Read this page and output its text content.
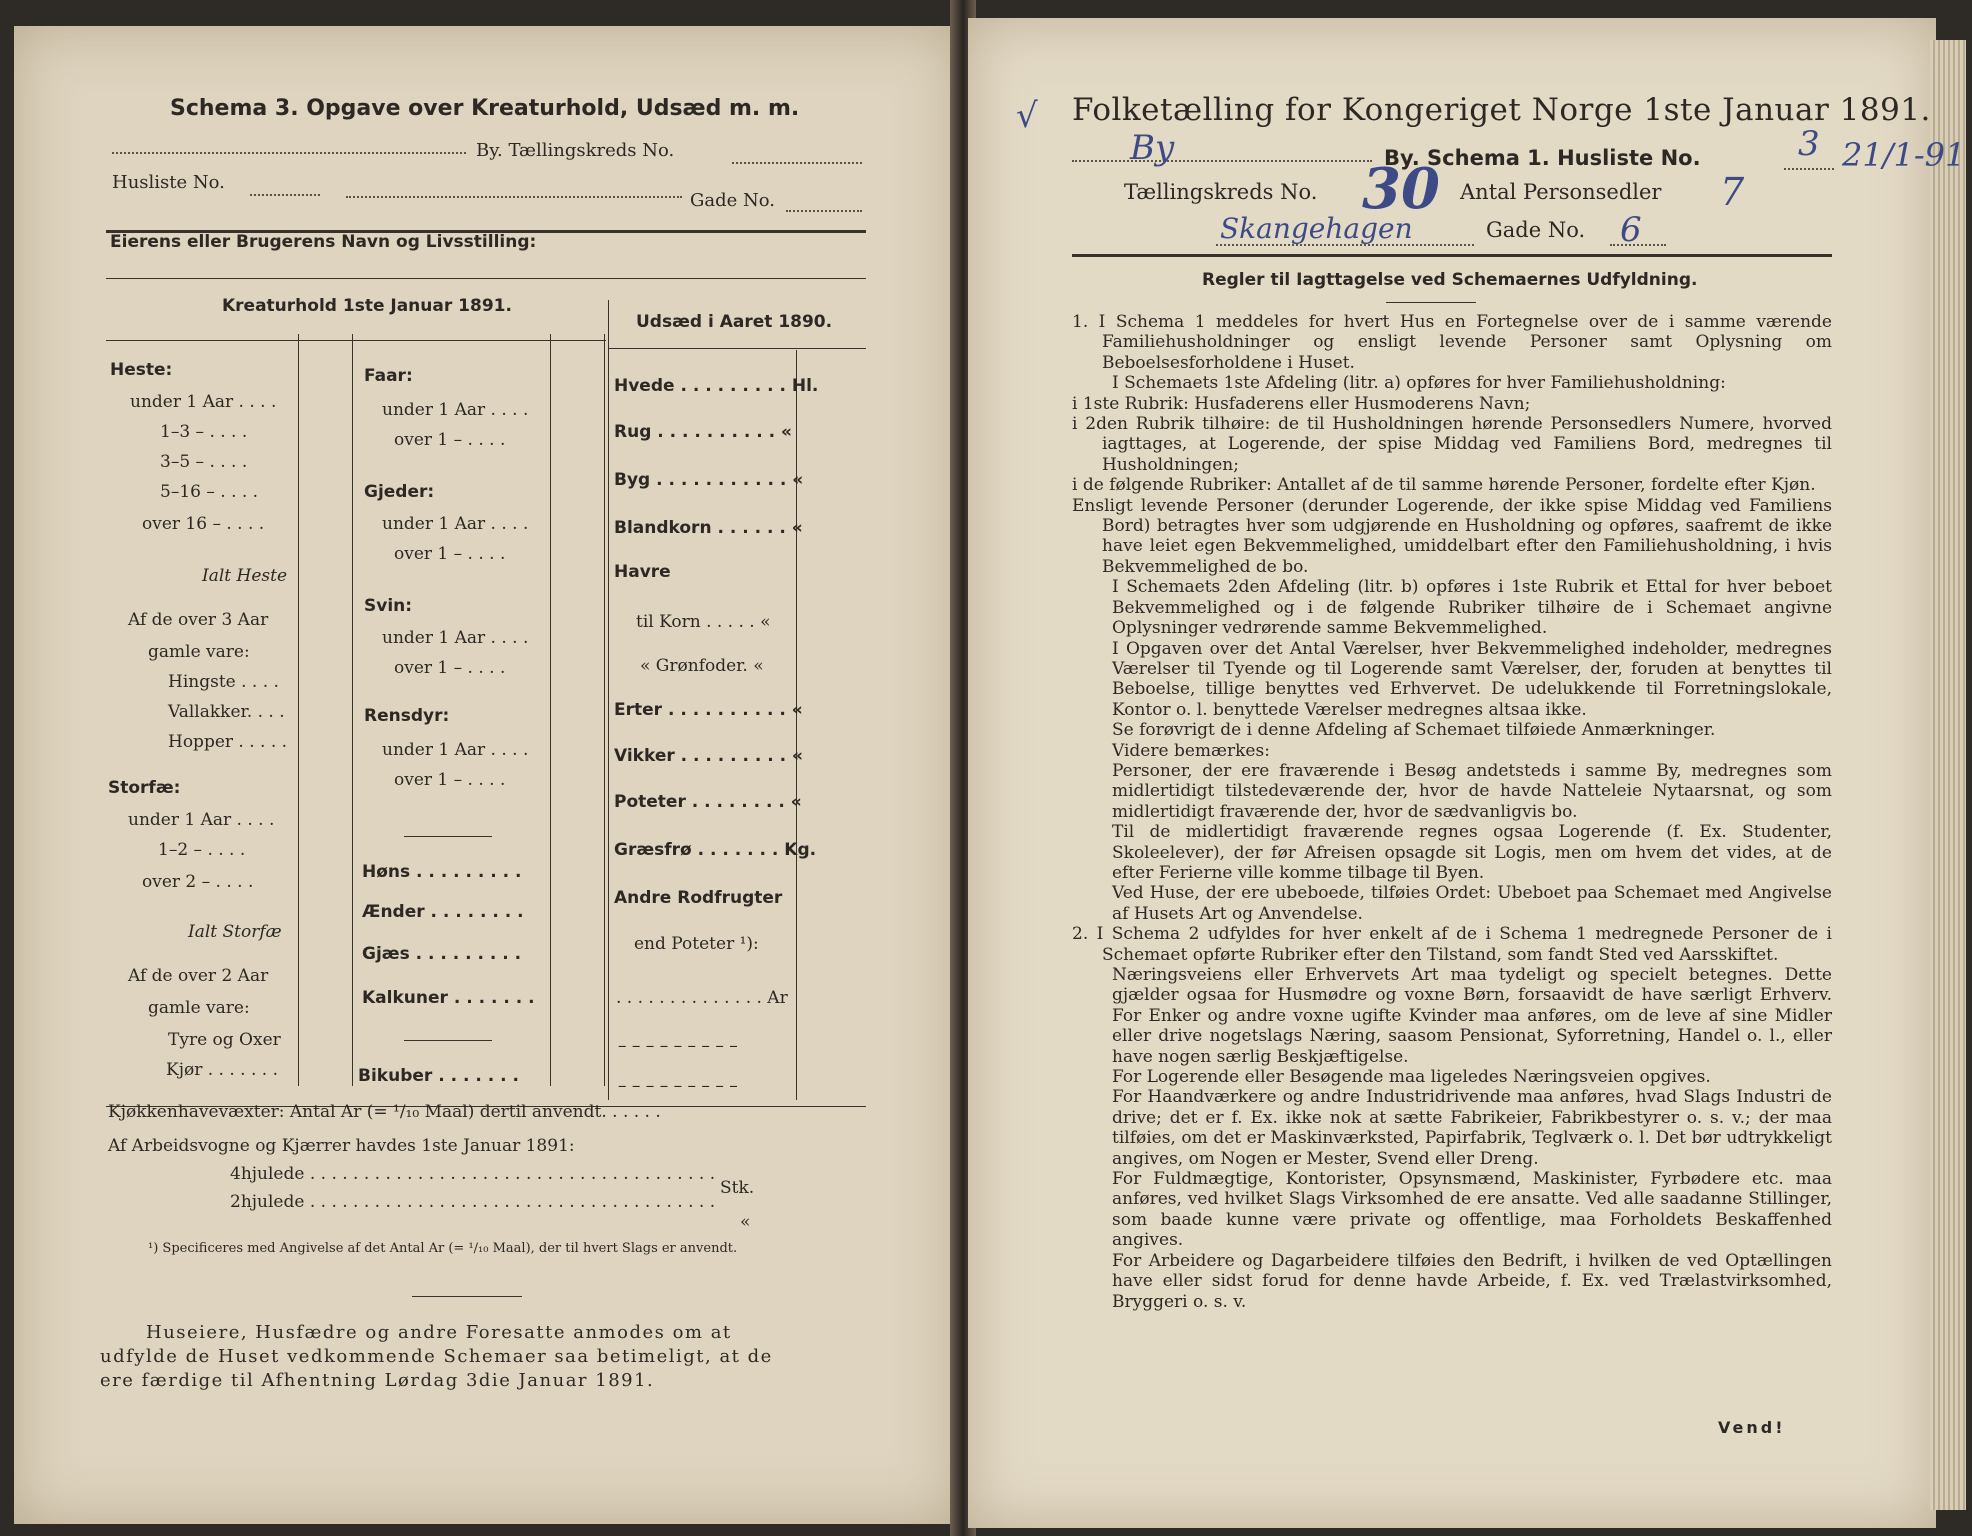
Schema 3. Opgave over Kreaturhold, Udsæd m. m.
By. Tællingskreds No.
Husliste No.
Gade No.
Eierens eller Brugerens Navn og Livsstilling:
Kreaturhold 1ste Januar 1891.
Udsæd i Aaret 1890.
Heste:
under 1 Aar . . . .
1–3 – . . . .
3–5 – . . . .
5–16 – . . . .
over 16 – . . . .
Ialt Heste
Af de over 3 Aar
gamle vare:
Hingste . . . .
Vallakker. . . .
Hopper . . . . .
Storfæ:
under 1 Aar . . . .
1–2 – . . . .
over 2 – . . . .
Ialt Storfæ
Af de over 2 Aar
gamle vare:
Tyre og Oxer
Kjør . . . . . . .
Faar:
under 1 Aar . . . .
over 1 – . . . .
Gjeder:
under 1 Aar . . . .
over 1 – . . . .
Svin:
under 1 Aar . . . .
over 1 – . . . .
Rensdyr:
under 1 Aar . . . .
over 1 – . . . .
Høns . . . . . . . . .
Ænder . . . . . . . .
Gjæs . . . . . . . . .
Kalkuner . . . . . . .
Bikuber . . . . . . .
Hvede . . . . . . . . . Hl.
Rug . . . . . . . . . . «
Byg . . . . . . . . . . . «
Blandkorn . . . . . . «
Havre
til Korn . . . . . «
« Grønfoder. «
Erter . . . . . . . . . . «
Vikker . . . . . . . . . «
Poteter . . . . . . . . «
Græsfrø . . . . . . . Kg.
Andre Rodfrugter
end Poteter ¹):
. . . . . . . . . . . . . . Ar
– – – – – – – – –
– – – – – – – – –
Kjøkkenhavevæxter: Antal Ar (= ¹/₁₀ Maal) dertil anvendt. . . . . .
Af Arbeidsvogne og Kjærrer havdes 1ste Januar 1891:
4hjulede . . . . . . . . . . . . . . . . . . . . . . . . . . . . . . . . . . . . . .
Stk.
2hjulede . . . . . . . . . . . . . . . . . . . . . . . . . . . . . . . . . . . . . .
«
¹) Specificeres med Angivelse af det Antal Ar (= ¹/₁₀ Maal), der til hvert Slags er anvendt.
Huseiere, Husfædre og andre Foresatte anmodes om at
udfylde de Huset vedkommende Schemaer saa betimeligt, at de
ere færdige til Afhentning Lørdag 3die Januar 1891.
√ Folketælling for Kongeriget Norge 1ste Januar 1891.
By	By. Schema 1. Husliste No.	3 21/1-91
Tællingskreds No. 30 Antal Personsedler 7
Skangehagen	Gade No. 6
Regler til Iagttagelse ved Schemaernes Udfyldning.

1. I Schema 1 meddeles for hvert Hus en Fortegnelse over de i samme værende Familiehusholdninger og ensligt levende Personer samt Oplysning om Beboelsesforholdene i Huset.

I Schemaets 1ste Afdeling (litr. a) opføres for hver Familiehusholdning:

i 1ste Rubrik: Husfaderens eller Husmoderens Navn;

i 2den Rubrik tilhøire: de til Husholdningen hørende Personsedlers Numere, hvorved iagttages, at Logerende, der spise Middag ved Familiens Bord, medregnes til Husholdningen;

i de følgende Rubriker: Antallet af de til samme hørende Personer, fordelte efter Kjøn.

Ensligt levende Personer (derunder Logerende, der ikke spise Middag ved Familiens Bord) betragtes hver som udgjørende en Husholdning og opføres, saafremt de ikke have leiet egen Bekvemmelighed, umiddelbart efter den Familiehusholdning, i hvis Bekvemmelighed de bo.

I Schemaets 2den Afdeling (litr. b) opføres i 1ste Rubrik et Ettal for hver beboet Bekvemmelighed og i de følgende Rubriker tilhøire de i Schemaet angivne Oplysninger vedrørende samme Bekvemmelighed.

I Opgaven over det Antal Værelser, hver Bekvemmelighed indeholder, medregnes Værelser til Tyende og til Logerende samt Værelser, der, foruden at benyttes til Beboelse, tillige benyttes ved Erhvervet. De udelukkende til Forretningslokale, Kontor o. l. benyttede Værelser medregnes altsaa ikke.

Se forøvrigt de i denne Afdeling af Schemaet tilføiede Anmærkninger.

Videre bemærkes:

Personer, der ere fraværende i Besøg andetsteds i samme By, medregnes som midlertidigt tilstedeværende der, hvor de havde Natteleie Nytaarsnat, og som midlertidigt fraværende der, hvor de sædvanligvis bo.

Til de midlertidigt fraværende regnes ogsaa Logerende (f. Ex. Studenter, Skoleelever), der før Afreisen opsagde sit Logis, men om hvem det vides, at de efter Ferierne ville komme tilbage til Byen.

Ved Huse, der ere ubeboede, tilføies Ordet: Ubeboet paa Schemaet med Angivelse af Husets Art og Anvendelse.

2. I Schema 2 udfyldes for hver enkelt af de i Schema 1 medregnede Personer de i Schemaet opførte Rubriker efter den Tilstand, som fandt Sted ved Aarsskiftet.

Næringsveiens eller Erhvervets Art maa tydeligt og specielt betegnes. Dette gjælder ogsaa for Husmødre og voxne Børn, forsaavidt de have særligt Erhverv. For Enker og andre voxne ugifte Kvinder maa anføres, om de leve af sine Midler eller drive nogetslags Næring, saasom Pensionat, Syforretning, Handel o. l., eller have nogen særlig Beskjæftigelse.

For Logerende eller Besøgende maa ligeledes Næringsveien opgives.

For Haandværkere og andre Industridrivende maa anføres, hvad Slags Industri de drive; det er f. Ex. ikke nok at sætte Fabrikeier, Fabrikbestyrer o. s. v.; der maa tilføies, om det er Maskinværksted, Papirfabrik, Teglværk o. l. Det bør udtrykkeligt angives, om Nogen er Mester, Svend eller Dreng.

For Fuldmægtige, Kontorister, Opsynsmænd, Maskinister, Fyrbødere etc. maa anføres, ved hvilket Slags Virksomhed de ere ansatte. Ved alle saadanne Stillinger, som baade kunne være private og offentlige, maa Forholdets Beskaffenhed angives.

For Arbeidere og Dagarbeidere tilføies den Bedrift, i hvilken de ved Optællingen have eller sidst forud for denne havde Arbeide, f. Ex. ved Trælastvirksomhed, Bryggeri o. s. v.

Vend!
